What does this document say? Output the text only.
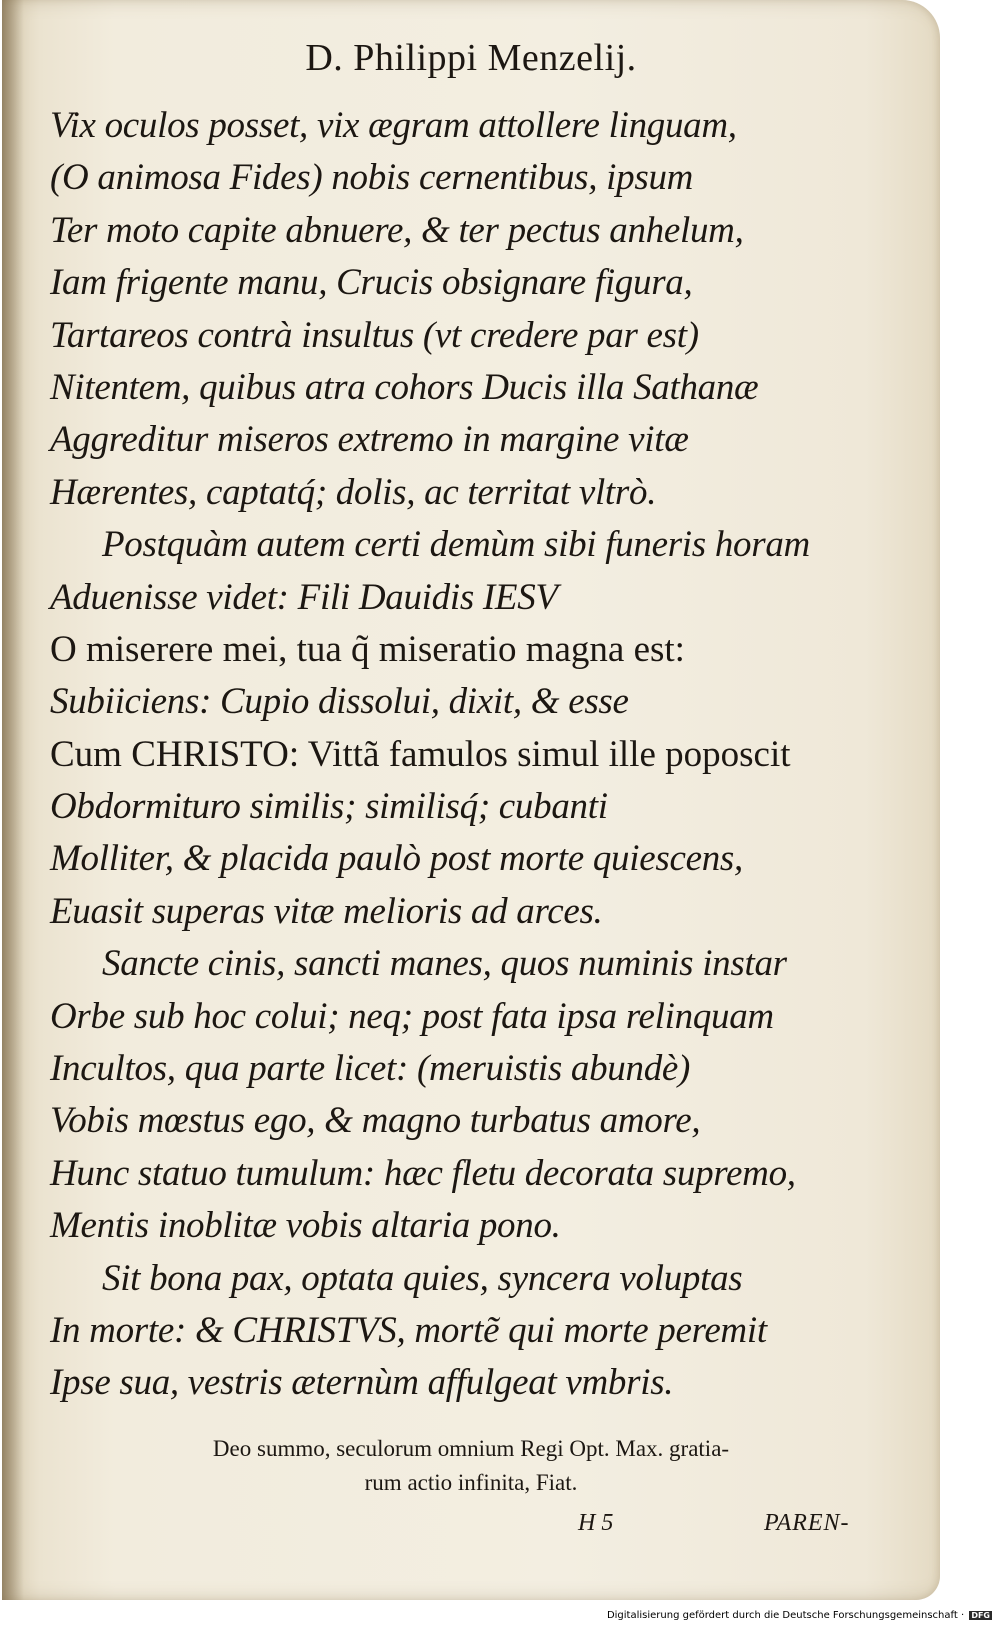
D. Philippi Menzelij.
Vix oculos posset, vix ægram attollere linguam,
(O animosa Fides) nobis cernentibus, ipsum
Ter moto capite abnuere, & ter pectus anhelum,
Iam frigente manu, Crucis obsignare figura,
Tartareos contrà insultus (vt credere par est)
Nitentem, quibus atra cohors Ducis illa Sathanæ
Aggreditur miseros extremo in margine vitæ
Hærentes, captatq́; dolis, ac territat vltrò.
Postquàm autem certi demùm sibi funeris horam
Aduenisse videt: Fili Dauidis IESV
O miserere mei, tua q̃ miseratio magna est:
Subiiciens: Cupio dissolui, dixit, & esse
Cum CHRISTO: Vittã famulos simul ille poposcit
Obdormituro similis; similisq́; cubanti
Molliter, & placida paulò post morte quiescens,
Euasit superas vitæ melioris ad arces.
Sancte cinis, sancti manes, quos numinis instar
Orbe sub hoc colui; neq; post fata ipsa relinquam
Incultos, qua parte licet: (meruistis abundè)
Vobis mœstus ego, & magno turbatus amore,
Hunc statuo tumulum: hæc fletu decorata supremo,
Mentis inoblitæ vobis altaria pono.
Sit bona pax, optata quies, syncera voluptas
In morte: & CHRISTVS, mortẽ qui morte peremit
Ipse sua, vestris æternùm affulgeat vmbris.
Deo summo, seculorum omnium Regi Opt. Max. gratia-
rum actio infinita, Fiat.
H 5	PAREN-
Digitalisierung gefördert durch die Deutsche Forschungsgemeinschaft · DFG
